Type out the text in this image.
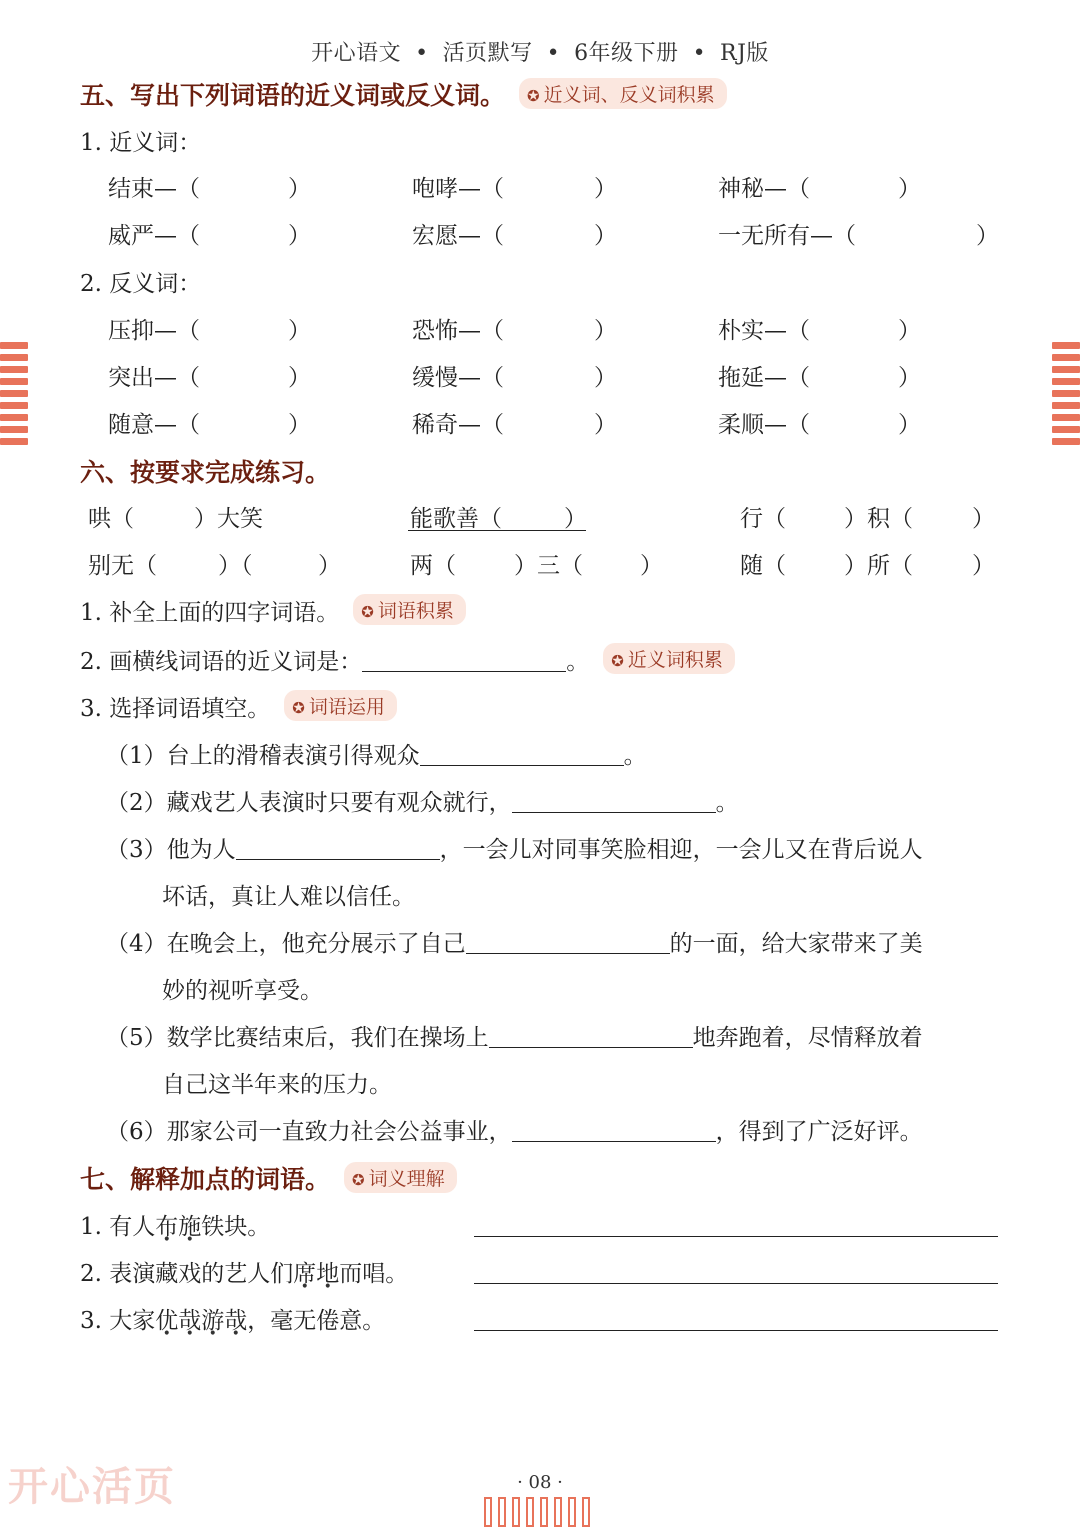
开心语文 • 活页默写 • 6年级下册 • RJ版
五、写出下列词语的近义词或反义词。 ✪ 近义词、反义词积累
1. 近义词：
结束—（	）	咆哮—（	）	神秘—（	）
威严—（	）	宏愿—（	）	一无所有—（	）
2. 反义词：
压抑—（	）	恐怖—（	）	朴实—（	）
突出—（	）	缓慢—（	）	拖延—（	）
随意—（	）	稀奇—（	）	柔顺—（	）
六、按要求完成练习。
哄（	）大笑	能歌善（	）	行（	）积（	）
别无（	）（	）	两（	）三（ ）	随（	）所（	）
1. 补全上面的四字词语。 ✪ 词语积累
2. 画横线词语的近义词是：	。 ✪ 近义词积累
3. 选择词语填空。 ✪ 词语运用
（1）台上的滑稽表演引得观众	。
（2）藏戏艺人表演时只要有观众就行，	。
（3）他为人	，一会儿对同事笑脸相迎，一会儿又在背后说人
坏话，真让人难以信任。
（4）在晚会上，他充分展示了自己	的一面，给大家带来了美
妙的视听享受。
（5）数学比赛结束后，我们在操场上	地奔跑着，尽情释放着
自己这半年来的压力。
（6）那家公司一直致力社会公益事业，	，得到了广泛好评。
七、解释加点的词语。 ✪ 词义理解
1. 有人布施铁块。
2. 表演藏戏的艺人们席地而唱。
3. 大家优哉游哉，毫无倦意。
开心活页	· 08 ·
